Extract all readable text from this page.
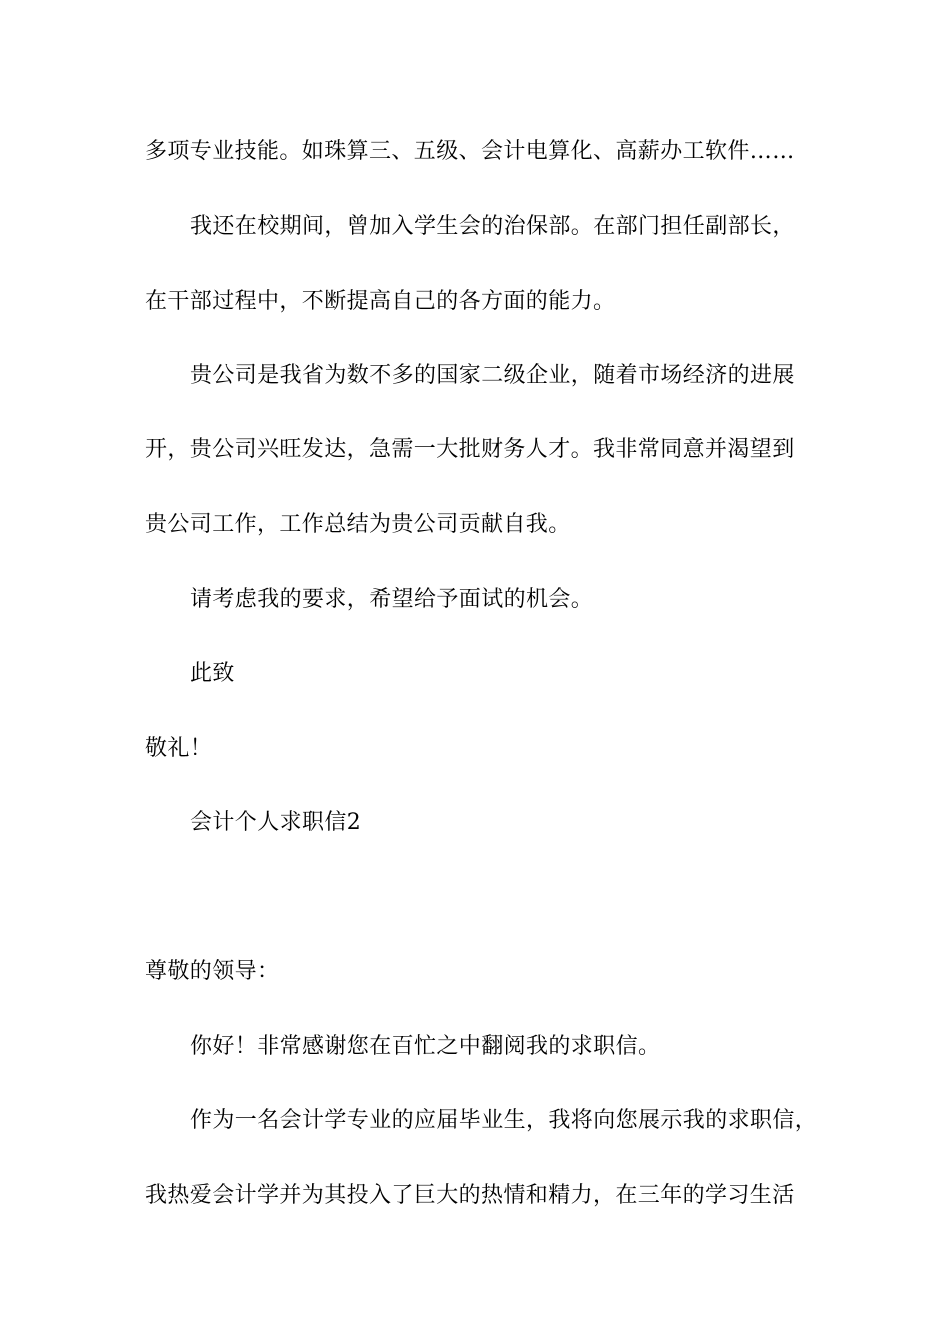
多项专业技能。如珠算三、五级、会计电算化、高薪办工软件……
我还在校期间，曾加入学生会的治保部。在部门担任副部长，
在干部过程中，不断提高自己的各方面的能力。
贵公司是我省为数不多的国家二级企业，随着市场经济的进展
开，贵公司兴旺发达，急需一大批财务人才。我非常同意并渴望到
贵公司工作，工作总结为贵公司贡献自我。
请考虑我的要求，希望给予面试的机会。
此致
敬礼！
会计个人求职信2
尊敬的领导：
你好！非常感谢您在百忙之中翻阅我的求职信。
作为一名会计学专业的应届毕业生，我将向您展示我的求职信，
我热爱会计学并为其投入了巨大的热情和精力，在三年的学习生活
